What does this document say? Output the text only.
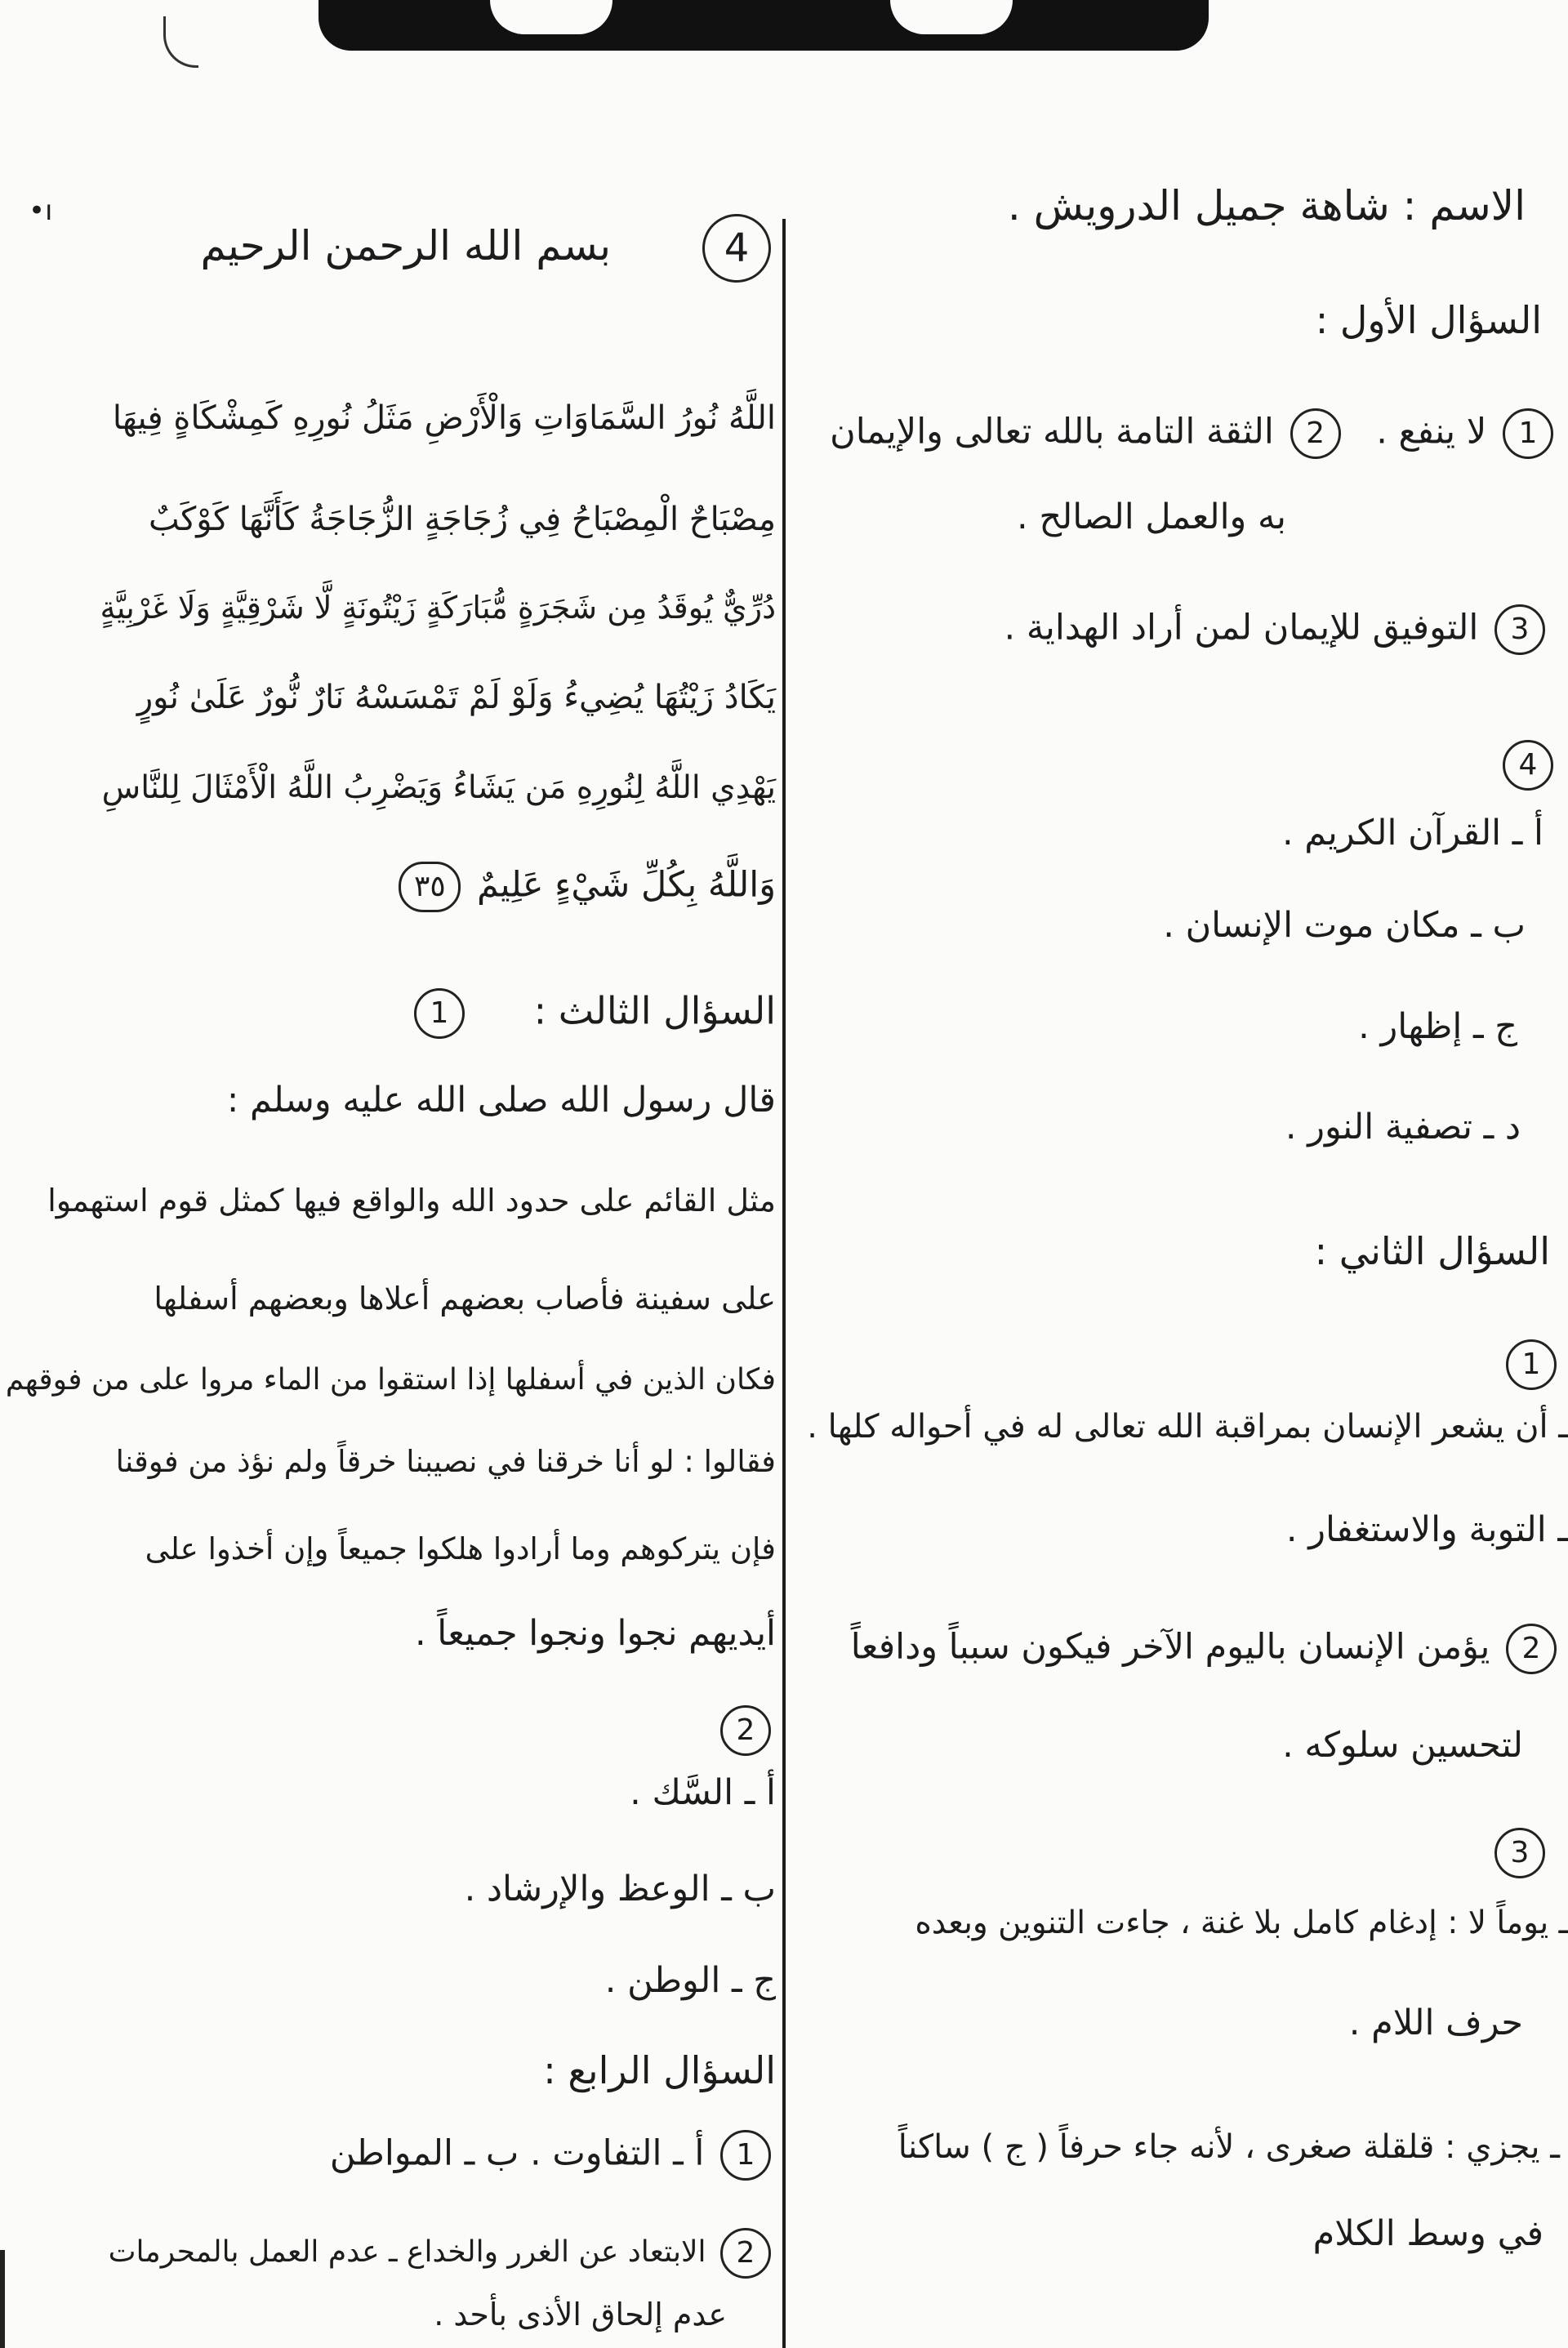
•ı	الاسم : شاهة جميل الدرويش .
السؤال الأول :
1 لا ينفع . 2 الثقة التامة بالله تعالى والإيمان
به والعمل الصالح .
3 التوفيق للإيمان لمن أراد الهداية .
4
أ ـ القرآن الكريم .
ب ـ مكان موت الإنسان .
ج ـ إظهار .
د ـ تصفية النور .
السؤال الثاني :
1
ـ أن يشعر الإنسان بمراقبة الله تعالى له في أحواله كلها .
ـ التوبة والاستغفار .
2 يؤمن الإنسان باليوم الآخر فيكون سبباً ودافعاً
لتحسين سلوكه .
3
ـ يوماً لا : إدغام كامل بلا غنة ، جاءت التنوين وبعده
حرف اللام .
ـ يجزي : قلقلة صغرى ، لأنه جاء حرفاً ( ج ) ساكناً
في وسط الكلام
4 بسم الله الرحمن الرحيم
اللَّهُ نُورُ السَّمَاوَاتِ وَالْأَرْضِ مَثَلُ نُورِهِ كَمِشْكَاةٍ فِيهَا
مِصْبَاحٌ الْمِصْبَاحُ فِي زُجَاجَةٍ الزُّجَاجَةُ كَأَنَّهَا كَوْكَبٌ
دُرِّيٌّ يُوقَدُ مِن شَجَرَةٍ مُّبَارَكَةٍ زَيْتُونَةٍ لَّا شَرْقِيَّةٍ وَلَا غَرْبِيَّةٍ
يَكَادُ زَيْتُهَا يُضِيءُ وَلَوْ لَمْ تَمْسَسْهُ نَارٌ نُّورٌ عَلَىٰ نُورٍ
يَهْدِي اللَّهُ لِنُورِهِ مَن يَشَاءُ وَيَضْرِبُ اللَّهُ الْأَمْثَالَ لِلنَّاسِ
وَاللَّهُ بِكُلِّ شَيْءٍ عَلِيمٌ ٣٥
السؤال الثالث : 1
قال رسول الله صلى الله عليه وسلم :
مثل القائم على حدود الله والواقع فيها كمثل قوم استهموا
على سفينة فأصاب بعضهم أعلاها وبعضهم أسفلها
فكان الذين في أسفلها إذا استقوا من الماء مروا على من فوقهم
فقالوا : لو أنا خرقنا في نصيبنا خرقاً ولم نؤذ من فوقنا
فإن يتركوهم وما أرادوا هلكوا جميعاً وإن أخذوا على
أيديهم نجوا ونجوا جميعاً .
2
أ ـ السَّك .
ب ـ الوعظ والإرشاد .
ج ـ الوطن .
السؤال الرابع :
1 أ ـ التفاوت . ب ـ المواطن
2 الابتعاد عن الغرر والخداع ـ عدم العمل بالمحرمات
عدم إلحاق الأذى بأحد .
